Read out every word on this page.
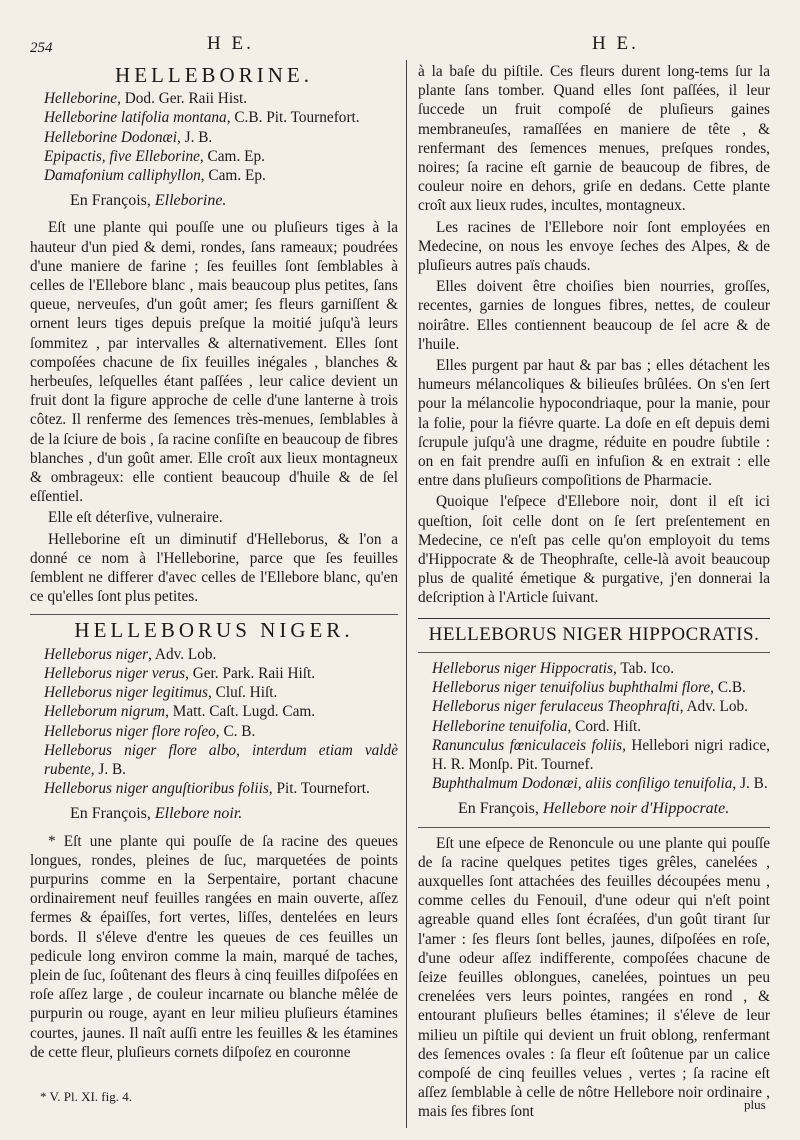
254	H E.	H E.
HELLEBORINE.
Helleborine, Dod. Ger. Raii Hist.
Helleborine latifolia montana, C.B. Pit. Tournefort.
Helleborine Dodonæi, J. B.
Epipactis, five Elleborine, Cam. Ep.
Damafonium calliphyllon, Cam. Ep.
En François, Elleborine.

Eſt une plante qui pouſſe une ou pluſieurs tiges à la hauteur d'un pied & demi, rondes, ſans rameaux; poudrées d'une maniere de farine ; ſes feuilles ſont ſemblables à celles de l'Ellebore blanc , mais beaucoup plus petites, ſans queue, nerveuſes, d'un goût amer; ſes fleurs garniſſent & ornent leurs tiges depuis preſque la moitié juſqu'à leurs ſommitez , par intervalles & alternativement. Elles ſont compoſées chacune de ſix feuilles inégales , blanches & herbeuſes, leſquelles étant paſſées , leur calice devient un fruit dont la figure approche de celle d'une lanterne à trois côtez. Il renferme des ſemences très-menues, ſemblables à de la ſciure de bois , ſa racine conſiſte en beaucoup de fibres blanches , d'un goût amer. Elle croît aux lieux montagneux & ombrageux: elle contient beaucoup d'huile & de ſel eſſentiel.

Elle eſt déterſive, vulneraire.

Helleborine eſt un diminutif d'Helleborus, & l'on a donné ce nom à l'Helleborine, parce que ſes feuilles ſemblent ne differer d'avec celles de l'Ellebore blanc, qu'en ce qu'elles ſont plus petites.

HELLEBORUS NIGER.
Helleborus niger, Adv. Lob.
Helleborus niger verus, Ger. Park. Raii Hiſt.
Helleborus niger legitimus, Cluſ. Hiſt.
Helleborum nigrum, Matt. Caſt. Lugd. Cam.
Helleborus niger flore roſeo, C. B.
Helleborus niger flore albo, interdum etiam valdè rubente, J. B.
Helleborus niger anguſtioribus foliis, Pit. Tournefort.
En François, Ellebore noir.

* Eſt une plante qui pouſſe de ſa racine des queues longues, rondes, pleines de ſuc, marquetées de points purpurins comme en la Serpentaire, portant chacune ordinairement neuf feuilles rangées en main ouverte, aſſez fermes & épaiſſes, fort vertes, liſſes, dentelées en leurs bords. Il s'éleve d'entre les queues de ces feuilles un pedicule long environ comme la main, marqué de taches, plein de ſuc, ſoûtenant des fleurs à cinq feuilles diſpoſées en roſe aſſez large , de couleur incarnate ou blanche mêlée de purpurin ou rouge, ayant en leur milieu pluſieurs étamines courtes, jaunes. Il naît auſſi entre les feuilles & les étamines de cette fleur, pluſieurs cornets diſpoſez en couronne

* V. Pl. XI. fig. 4.

à la baſe du piſtile. Ces fleurs durent long-tems ſur la plante ſans tomber. Quand elles ſont paſſées, il leur ſuccede un fruit compoſé de pluſieurs gaines membraneuſes, ramaſſées en maniere de tête , & renfermant des ſemences menues, preſques rondes, noires; ſa racine eſt garnie de beaucoup de fibres, de couleur noire en dehors, griſe en dedans. Cette plante croît aux lieux rudes, incultes, montagneux.

Les racines de l'Ellebore noir ſont employées en Medecine, on nous les envoye ſeches des Alpes, & de pluſieurs autres païs chauds.

Elles doivent être choiſies bien nourries, groſſes, recentes, garnies de longues fibres, nettes, de couleur noirâtre. Elles contiennent beaucoup de ſel acre & de l'huile.

Elles purgent par haut & par bas ; elles détachent les humeurs mélancoliques & bilieuſes brûlées. On s'en ſert pour la mélancolie hypocondriaque, pour la manie, pour la folie, pour la fiévre quarte. La doſe en eſt depuis demi ſcrupule juſqu'à une dragme, réduite en poudre ſubtile : on en fait prendre auſſi en infuſion & en extrait : elle entre dans pluſieurs compoſitions de Pharmacie.

Quoique l'eſpece d'Ellebore noir, dont il eſt ici queſtion, ſoit celle dont on ſe ſert preſentement en Medecine, ce n'eſt pas celle qu'on employoit du tems d'Hippocrate & de Theophraſte, celle-là avoit beaucoup plus de qualité émetique & purgative, j'en donnerai la deſcription à l'Article ſuivant.

HELLEBORUS NIGER HIPPOCRATIS.
Helleborus niger Hippocratis, Tab. Ico.
Helleborus niger tenuifolius buphthalmi flore, C.B.
Helleborus niger ferulaceus Theophraſti, Adv. Lob.
Helleborine tenuifolia, Cord. Hiſt.
Ranunculus fœniculaceis foliis, Hellebori nigri radice, H. R. Monſp. Pit. Tournef.
Buphthalmum Dodonæi, aliis conſiligo tenuifolia, J. B.
En François, Hellebore noir d'Hippocrate.

Eſt une eſpece de Renoncule ou une plante qui pouſſe de ſa racine quelques petites tiges grêles, canelées , auxquelles ſont attachées des feuilles découpées menu , comme celles du Fenouil, d'une odeur qui n'eſt point agreable quand elles ſont écraſées, d'un goût tirant ſur l'amer : ſes fleurs ſont belles, jaunes, diſpoſées en roſe, d'une odeur aſſez indifferente, compoſées chacune de ſeize feuilles oblongues, canelées, pointues un peu crenelées vers leurs pointes, rangées en rond , & entourant pluſieurs belles étamines; il s'éleve de leur milieu un piſtile qui devient un fruit oblong, renfermant des ſemences ovales : ſa fleur eſt ſoûtenue par un calice compoſé de cinq feuilles velues , vertes ; ſa racine eſt aſſez ſemblable à celle de nôtre Hellebore noir ordinaire , mais ſes fibres ſont	plus
